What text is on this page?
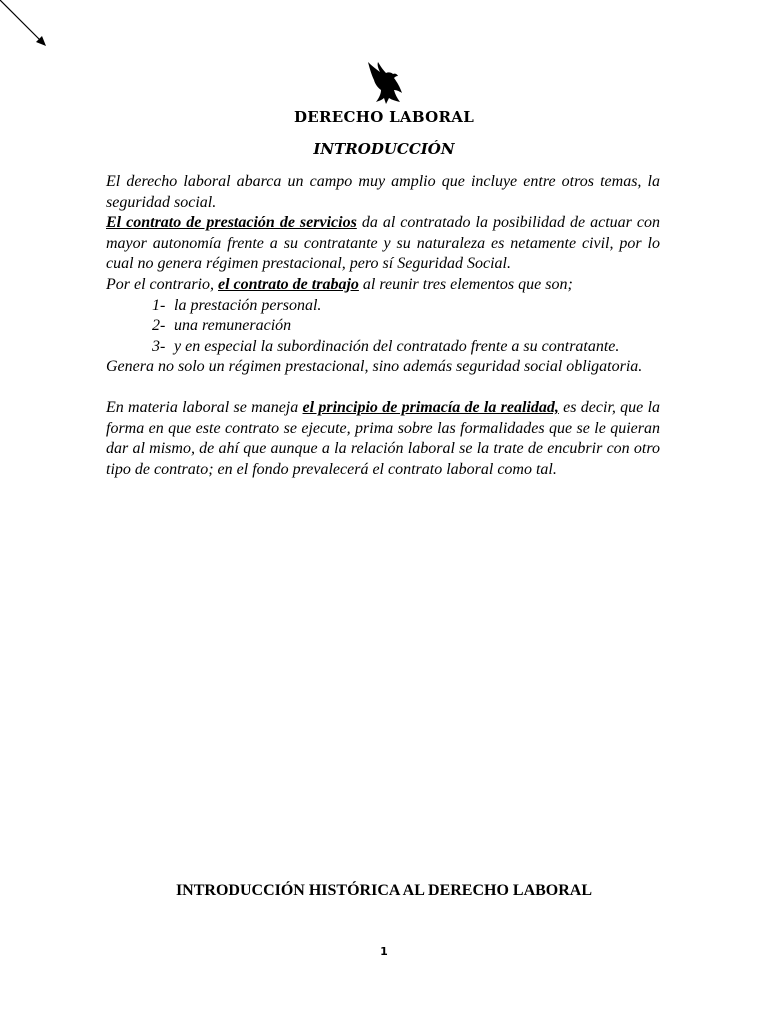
DERECHO LABORAL
INTRODUCCIÓN

El derecho laboral abarca un campo muy amplio que incluye entre otros temas, la seguridad social.

El contrato de prestación de servicios da al contratado la posibilidad de actuar con mayor autonomía frente a su contratante y su naturaleza es netamente civil, por lo cual no genera régimen prestacional, pero sí Seguridad Social.

Por el contrario, el contrato de trabajo al reunir tres elementos que son;

1- la prestación personal.
2- una remuneración
3- y en especial la subordinación del contratado frente a su contratante.

Genera no solo un régimen prestacional, sino además seguridad social obligatoria.

En materia laboral se maneja el principio de primacía de la realidad, es decir, que la forma en que este contrato se ejecute, prima sobre las formalidades que se le quieran dar al mismo, de ahí que aunque a la relación laboral se la trate de encubrir con otro tipo de contrato; en el fondo prevalecerá el contrato laboral como tal.

INTRODUCCIÓN HISTÓRICA AL DERECHO LABORAL
1
